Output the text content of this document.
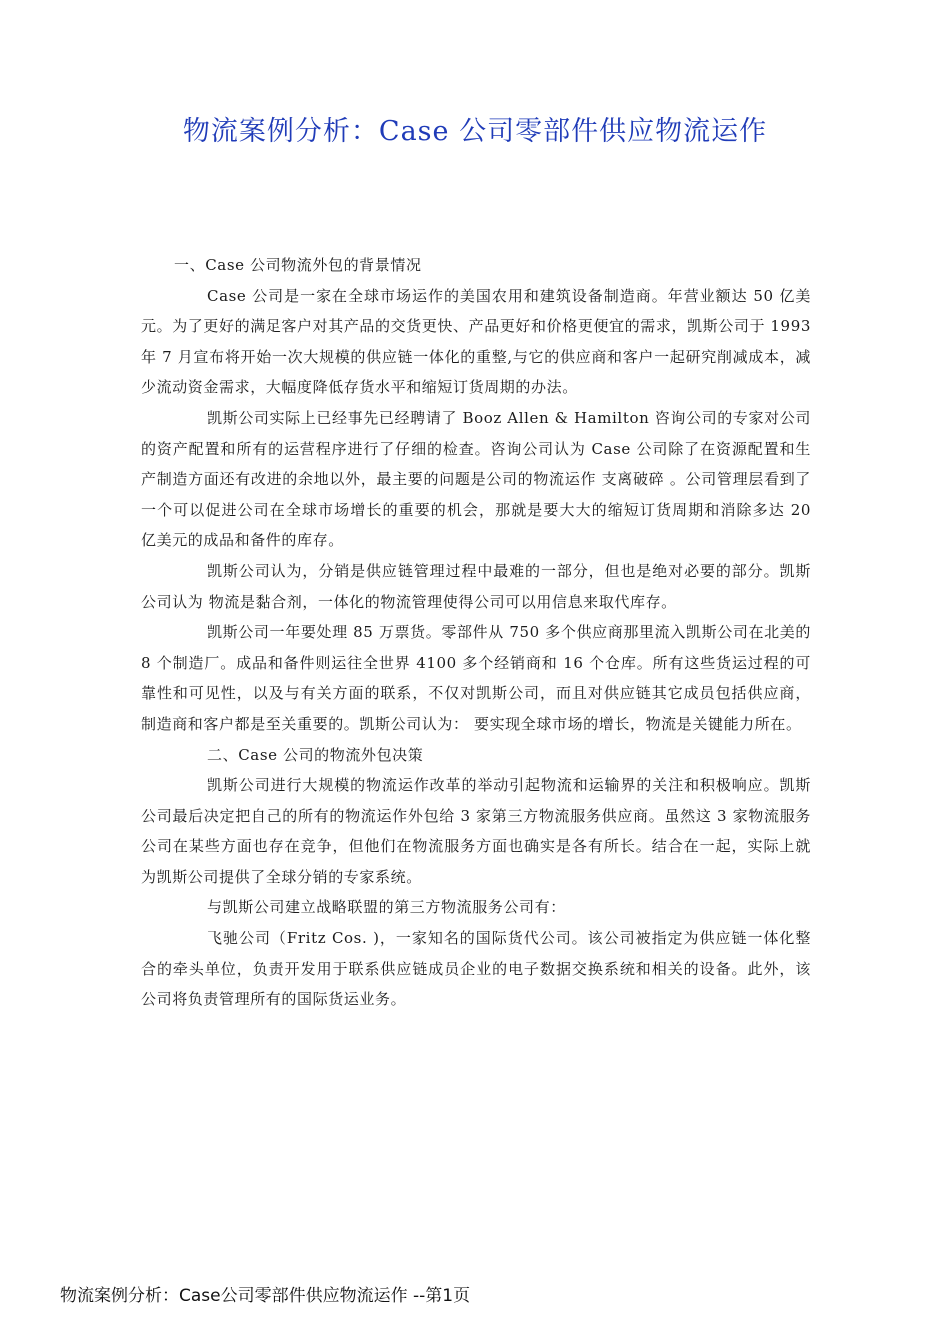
物流案例分析：Case 公司零部件供应物流运作

一、Case 公司物流外包的背景情况

Case 公司是一家在全球市场运作的美国农用和建筑设备制造商。年营业额达 50 亿美元。为了更好的满足客户对其产品的交货更快、产品更好和价格更便宜的需求，凯斯公司于 1993 年 7 月宣布将开始一次大规模的供应链一体化的重整,与它的供应商和客户一起研究削减成本，减少流动资金需求，大幅度降低存货水平和缩短订货周期的办法。

凯斯公司实际上已经事先已经聘请了 Booz Allen & Hamilton 咨询公司的专家对公司的资产配置和所有的运营程序进行了仔细的检查。咨询公司认为 Case 公司除了在资源配置和生产制造方面还有改进的余地以外，最主要的问题是公司的物流运作 支离破碎 。公司管理层看到了一个可以促进公司在全球市场增长的重要的机会，那就是要大大的缩短订货周期和消除多达 20 亿美元的成品和备件的库存。

凯斯公司认为，分销是供应链管理过程中最难的一部分，但也是绝对必要的部分。凯斯公司认为 物流是黏合剂，一体化的物流管理使得公司可以用信息来取代库存。

凯斯公司一年要处理 85 万票货。零部件从 750 多个供应商那里流入凯斯公司在北美的 8 个制造厂。成品和备件则运往全世界 4100 多个经销商和 16 个仓库。所有这些货运过程的可靠性和可见性，以及与有关方面的联系，不仅对凯斯公司，而且对供应链其它成员包括供应商，制造商和客户都是至关重要的。凯斯公司认为： 要实现全球市场的增长，物流是关键能力所在。

二、Case 公司的物流外包决策

凯斯公司进行大规模的物流运作改革的举动引起物流和运输界的关注和积极响应。凯斯公司最后决定把自己的所有的物流运作外包给 3 家第三方物流服务供应商。虽然这 3 家物流服务公司在某些方面也存在竞争，但他们在物流服务方面也确实是各有所长。结合在一起，实际上就为凯斯公司提供了全球分销的专家系统。

与凯斯公司建立战略联盟的第三方物流服务公司有：

飞驰公司（Fritz Cos. )，一家知名的国际货代公司。该公司被指定为供应链一体化整合的牵头单位，负责开发用于联系供应链成员企业的电子数据交换系统和相关的设备。此外，该公司将负责管理所有的国际货运业务。

物流案例分析：Case公司零部件供应物流运作 --第1页
